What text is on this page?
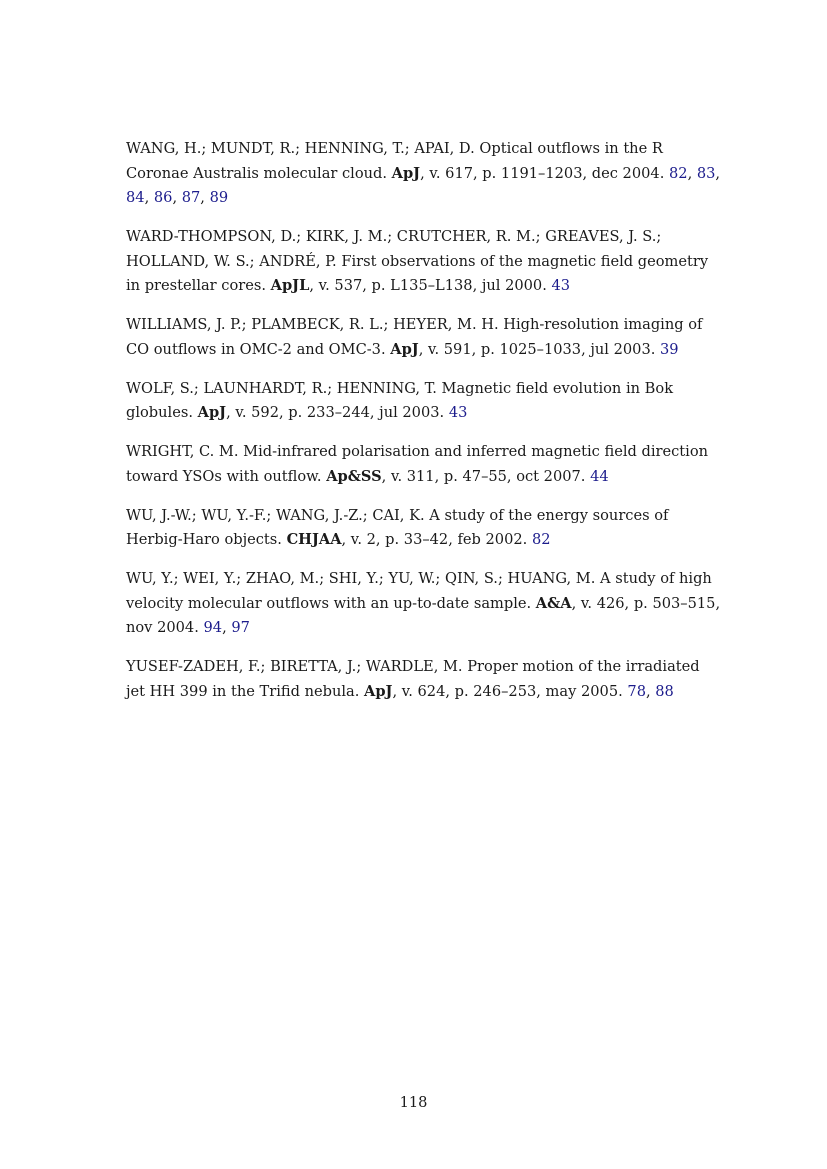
WANG, H.; MUNDT, R.; HENNING, T.; APAI, D. Optical outflows in the R Coronae Australis molecular cloud. ApJ, v. 617, p. 1191–1203, dec 2004. 82, 83, 84, 86, 87, 89

WARD-THOMPSON, D.; KIRK, J. M.; CRUTCHER, R. M.; GREAVES, J. S.; HOLLAND, W. S.; ANDRÉ, P. First observations of the magnetic field geometry in prestellar cores. ApJL, v. 537, p. L135–L138, jul 2000. 43

WILLIAMS, J. P.; PLAMBECK, R. L.; HEYER, M. H. High-resolution imaging of CO outflows in OMC-2 and OMC-3. ApJ, v. 591, p. 1025–1033, jul 2003. 39

WOLF, S.; LAUNHARDT, R.; HENNING, T. Magnetic field evolution in Bok globules. ApJ, v. 592, p. 233–244, jul 2003. 43

WRIGHT, C. M. Mid-infrared polarisation and inferred magnetic field direction toward YSOs with outflow. Ap&SS, v. 311, p. 47–55, oct 2007. 44

WU, J.-W.; WU, Y.-F.; WANG, J.-Z.; CAI, K. A study of the energy sources of Herbig-Haro objects. CHJAA, v. 2, p. 33–42, feb 2002. 82

WU, Y.; WEI, Y.; ZHAO, M.; SHI, Y.; YU, W.; QIN, S.; HUANG, M. A study of high velocity molecular outflows with an up-to-date sample. A&A, v. 426, p. 503–515, nov 2004. 94, 97

YUSEF-ZADEH, F.; BIRETTA, J.; WARDLE, M. Proper motion of the irradiated jet HH 399 in the Trifid nebula. ApJ, v. 624, p. 246–253, may 2005. 78, 88

118
